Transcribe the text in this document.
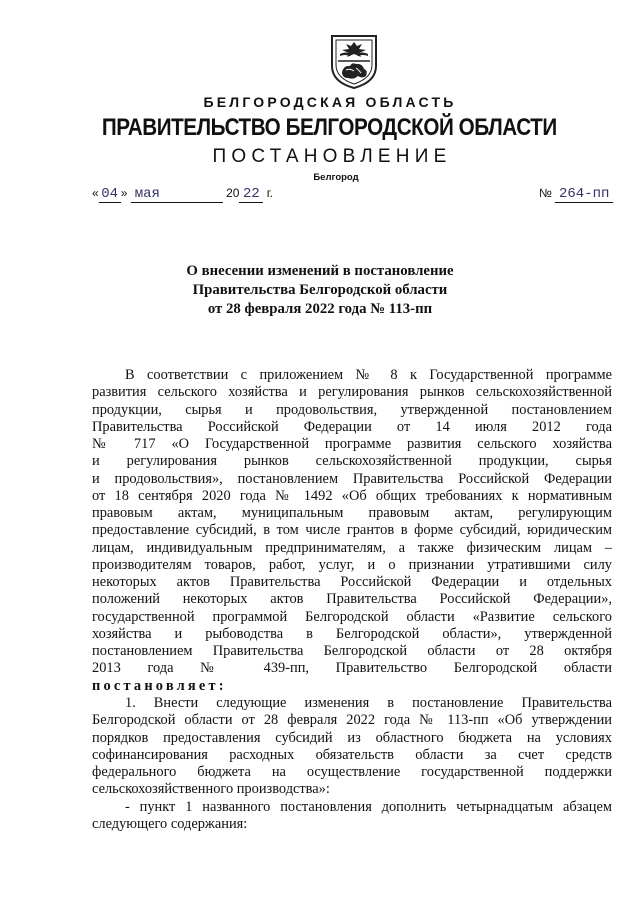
БЕЛГОРОДСКАЯ ОБЛАСТЬ
ПРАВИТЕЛЬСТВО БЕЛГОРОДСКОЙ ОБЛАСТИ
ПОСТАНОВЛЕНИЕ
Белгород
« 04 » мая	20 22 г.	№ 264-пп
О внесении изменений в постановление
Правительства Белгородской области
от 28 февраля 2022 года № 113-пп
В соответствии с приложением № 8 к Государственной программе
развития сельского хозяйства и регулирования рынков сельскохозяйственной
продукции, сырья и продовольствия, утвержденной постановлением
Правительства Российской Федерации от 14 июля 2012 года
№ 717 «О Государственной программе развития сельского хозяйства
и регулирования рынков сельскохозяйственной продукции, сырья
и продовольствия», постановлением Правительства Российской Федерации
от 18 сентября 2020 года № 1492 «Об общих требованиях к нормативным
правовым актам, муниципальным правовым актам, регулирующим
предоставление субсидий, в том числе грантов в форме субсидий, юридическим
лицам, индивидуальным предпринимателям, а также физическим лицам –
производителям товаров, работ, услуг, и о признании утратившими силу
некоторых актов Правительства Российской Федерации и отдельных
положений некоторых актов Правительства Российской Федерации»,
государственной программой Белгородской области «Развитие сельского
хозяйства и рыбоводства в Белгородской области», утвержденной
постановлением Правительства Белгородской области от 28 октября
2013 года № 439-пп, Правительство Белгородской области
постановляет:
1. Внести следующие изменения в постановление Правительства
Белгородской области от 28 февраля 2022 года № 113-пп «Об утверждении
порядков предоставления субсидий из областного бюджета на условиях
софинансирования расходных обязательств области за счет средств
федерального бюджета на осуществление государственной поддержки
сельскохозяйственного производства»:
- пункт 1 названного постановления дополнить четырнадцатым абзацем
следующего содержания:
